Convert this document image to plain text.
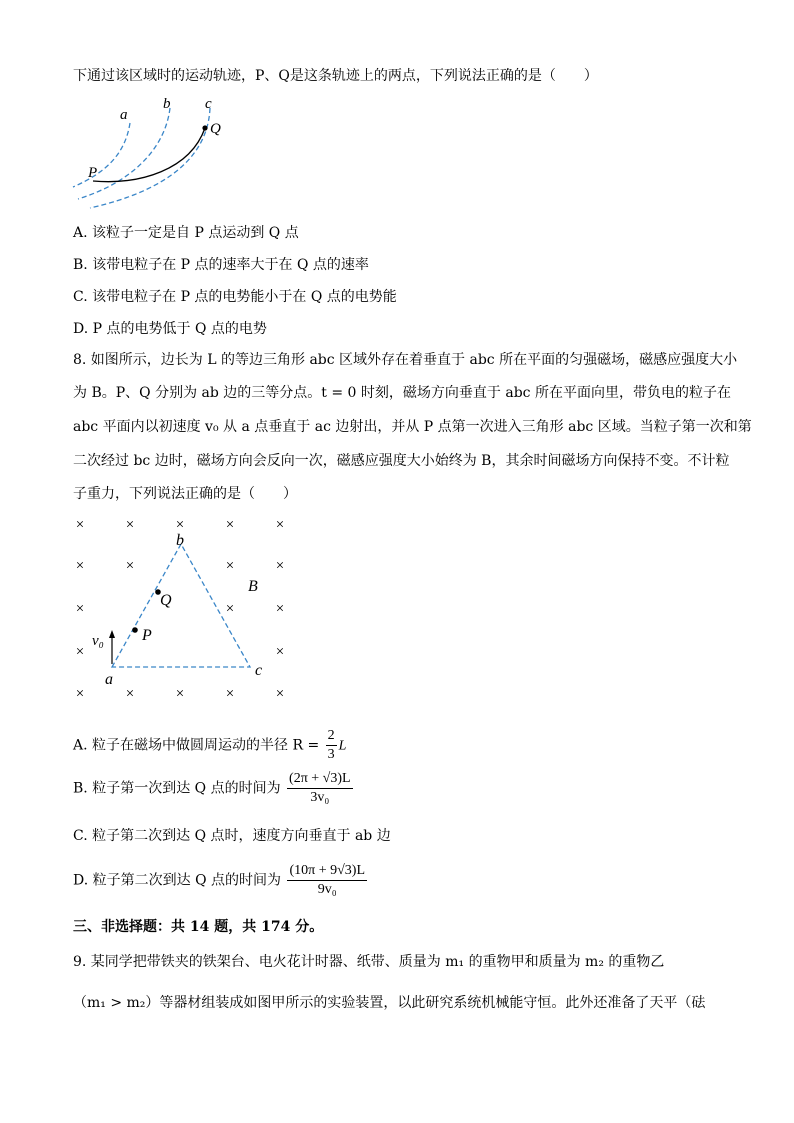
下通过该区域时的运动轨迹，P、Q是这条轨迹上的两点，下列说法正确的是（　　）
a
b c
P
Q
A. 该粒子一定是自 P 点运动到 Q 点
B. 该带电粒子在 P 点的速率大于在 Q 点的速率
C. 该带电粒子在 P 点的电势能小于在 Q 点的电势能
D. P 点的电势低于 Q 点的电势
8. 如图所示，边长为 L 的等边三角形 abc 区域外存在着垂直于 abc 所在平面的匀强磁场，磁感应强度大小
为 B。P、Q 分别为 ab 边的三等分点。t = 0 时刻，磁场方向垂直于 abc 所在平面向里，带负电的粒子在
abc 平面内以初速度 v₀ 从 a 点垂直于 ac 边射出，并从 P 点第一次进入三角形 abc 区域。当粒子第一次和第
二次经过 bc 边时，磁场方向会反向一次，磁感应强度大小始终为 B，其余时间磁场方向保持不变。不计粒
子重力，下列说法正确的是（　　）
×	×	×	×	×
×	×	×	×
×	×	×
×	×
×	×	×	×	×
b
B
Q
P
v₀
a
c
A. 粒子在磁场中做圆周运动的半径 $R = \frac{2}{3}$ L
B. 粒子第一次到达 Q 点的时间为 $\frac{(2\pi + √3)L}{\text{3v₀}}$
C. 粒子第二次到达 Q 点时，速度方向垂直于 ab 边
D. 粒子第二次到达 Q 点的时间为 $\frac{(10\pi + 9√3)L}{\text{9v₀}}$
三、非选择题：共 14 题，共 174 分。
9. 某同学把带铁夹的铁架台、电火花计时器、纸带、质量为 m₁ 的重物甲和质量为 m₂ 的重物乙
（m₁ > m₂）等器材组装成如图甲所示的实验装置，以此研究系统机械能守恒。此外还准备了天平（砝
